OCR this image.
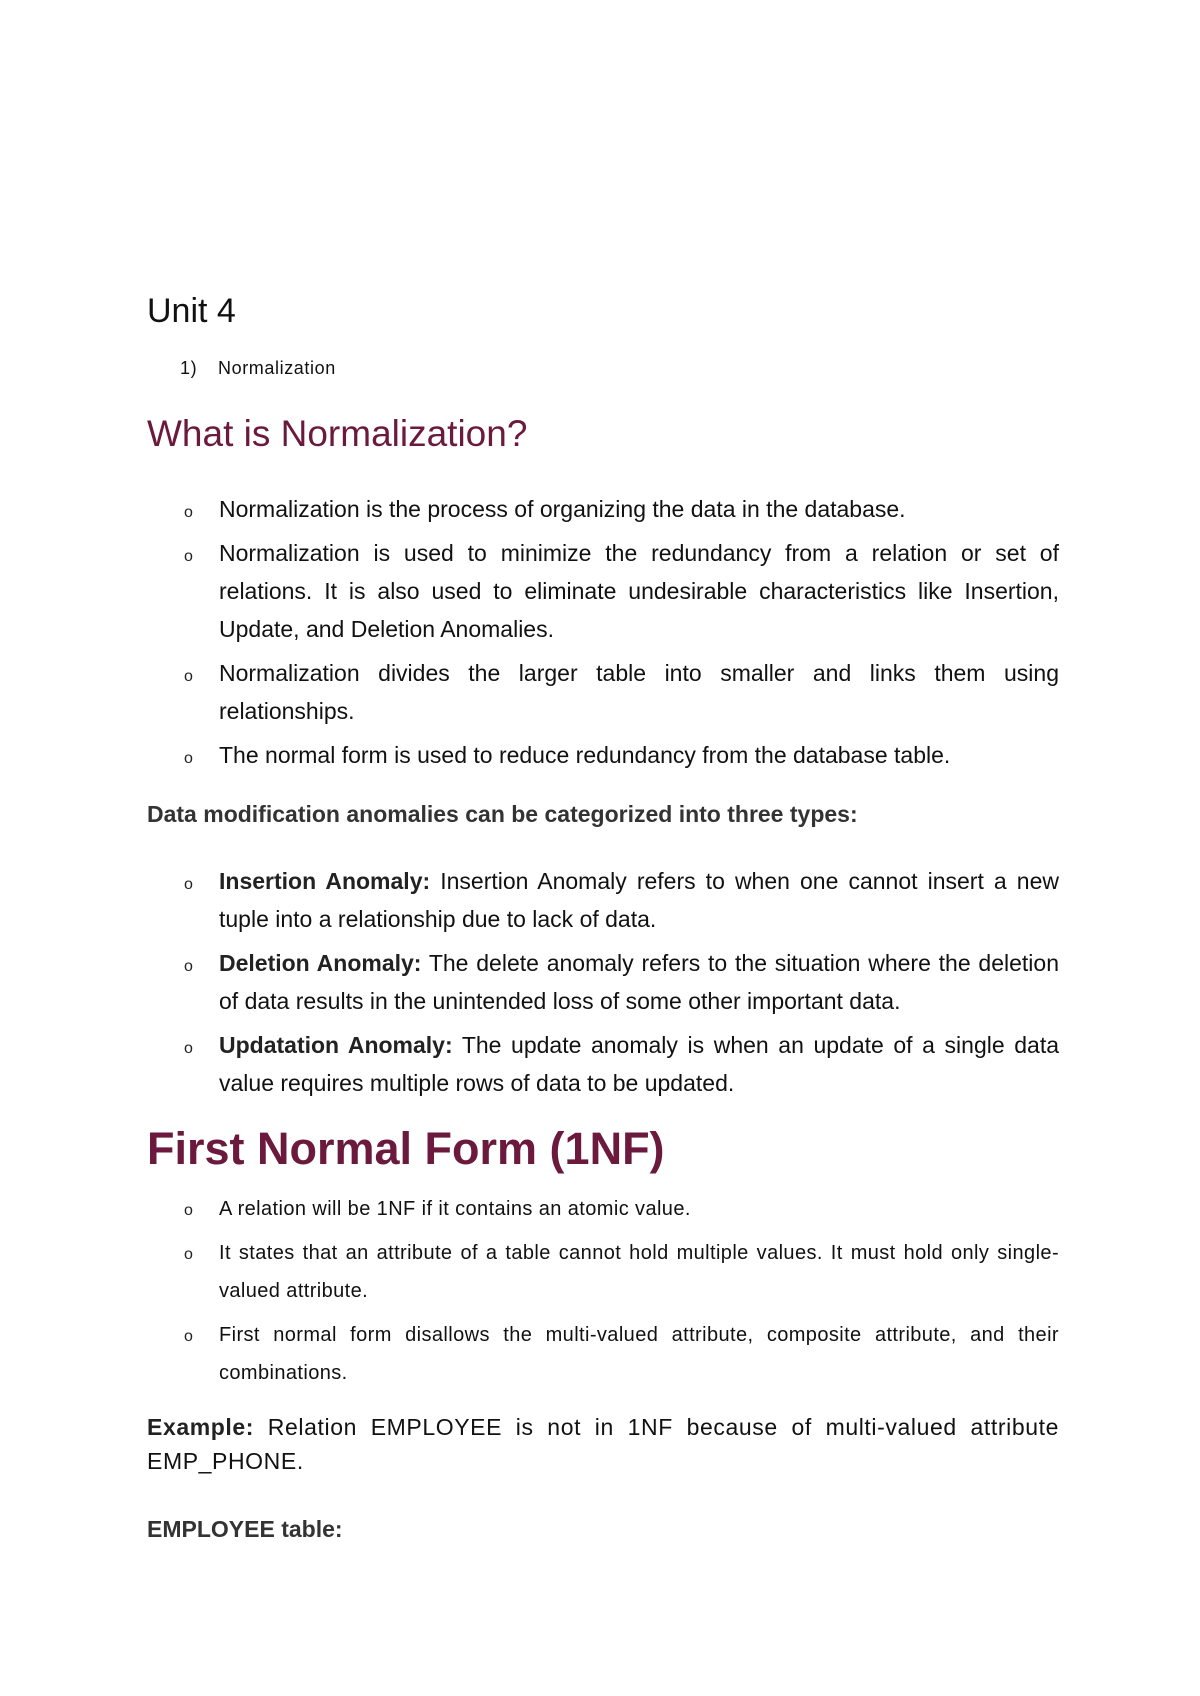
Unit 4
1) Normalization
What is Normalization?
o Normalization is the process of organizing the data in the database.
o Normalization is used to minimize the redundancy from a relation or set of relations. It is also used to eliminate undesirable characteristics like Insertion, Update, and Deletion Anomalies.
o Normalization divides the larger table into smaller and links them using relationships.
o The normal form is used to reduce redundancy from the database table.
Data modification anomalies can be categorized into three types:
o Insertion Anomaly: Insertion Anomaly refers to when one cannot insert a new tuple into a relationship due to lack of data.
o Deletion Anomaly: The delete anomaly refers to the situation where the deletion of data results in the unintended loss of some other important data.
o Updatation Anomaly: The update anomaly is when an update of a single data value requires multiple rows of data to be updated.
First Normal Form (1NF)
o A relation will be 1NF if it contains an atomic value.
o It states that an attribute of a table cannot hold multiple values. It must hold only single-valued attribute.
o First normal form disallows the multi-valued attribute, composite attribute, and their combinations.

Example: Relation EMPLOYEE is not in 1NF because of multi-valued attribute EMP_PHONE.

EMPLOYEE table:
